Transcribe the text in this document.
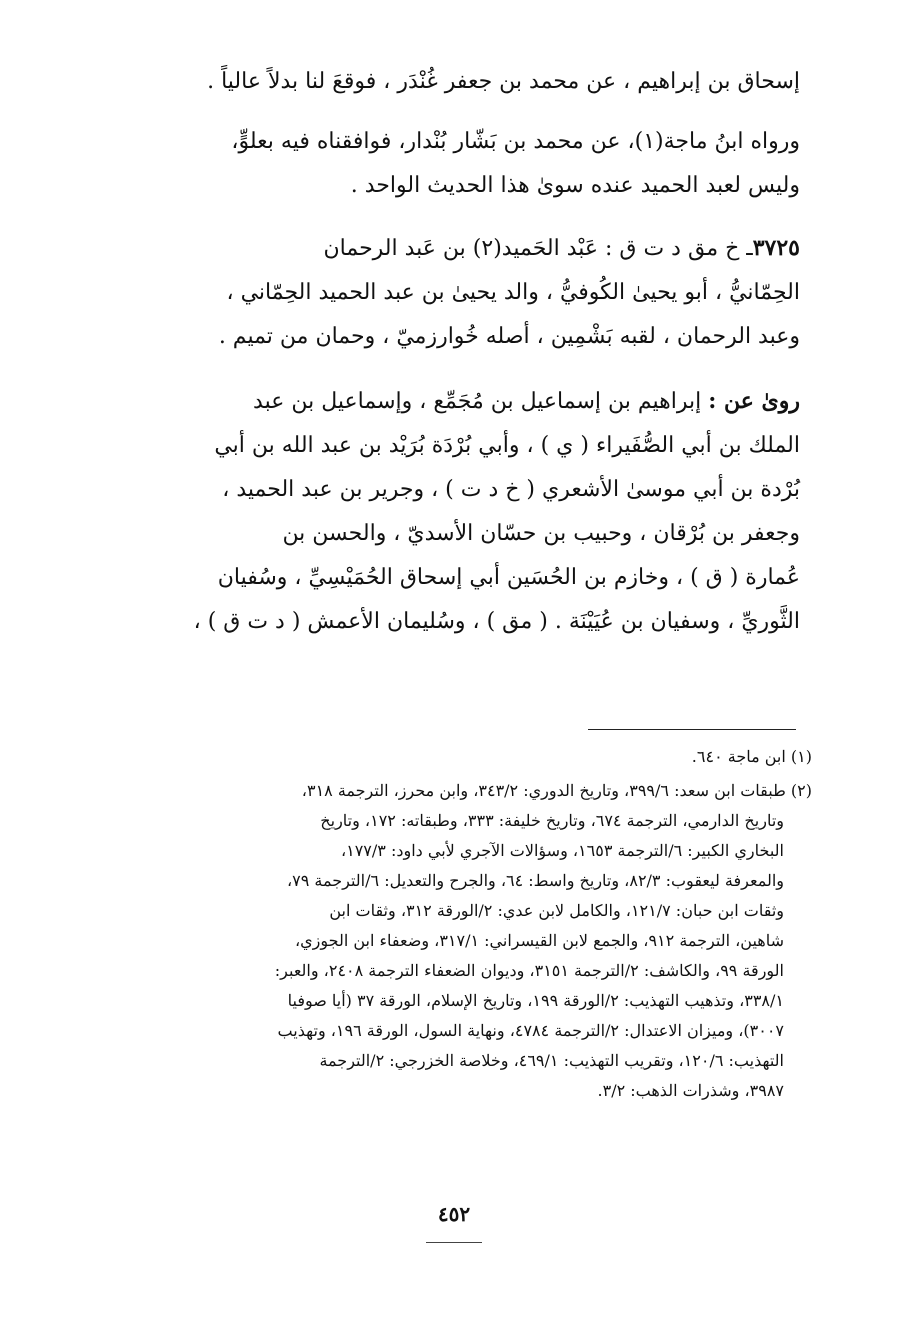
إسحاق بن إبراهيم ، عن محمد بن جعفر غُنْدَر ، فوقعَ لنا بدلاً عالياً .

ورواه ابنُ ماجة(١)، عن محمد بن بَشّار بُنْدار، فوافقناه فيه بعلوٍّ،
وليس لعبد الحميد عنده سوىٰ هذا الحديث الواحد .

٣٧٢٥ـ خ مق د ت ق : عَبْد الحَميد(٢) بن عَبد الرحمان
الحِمّانيُّ ، أبو يحيىٰ الكُوفيُّ ، والد يحيىٰ بن عبد الحميد الحِمّاني ،
وعبد الرحمان ، لقبه بَشْمِين ، أصله خُوارزميّ ، وحمان من تميم .

روىٰ عن : إبراهيم بن إسماعيل بن مُجَمِّع ، وإسماعيل بن عبد
الملك بن أبي الصُّفَيراء ( ي ) ، وأبي بُرْدَة بُرَيْد بن عبد الله بن أبي
بُرْدة بن أبي موسىٰ الأشعري ( خ د ت ) ، وجرير بن عبد الحميد ،
وجعفر بن بُرْقان ، وحبيب بن حسّان الأسديّ ، والحسن بن
عُمارة ( ق ) ، وخازم بن الحُسَين أبي إسحاق الحُمَيْسِيِّ ، وسُفيان
الثَّوريِّ ، وسفيان بن عُيَيْنَة . ( مق ) ، وسُليمان الأعمش ( د ت ق ) ،

(١) ابن ماجة ٦٤٠.
(٢) طبقات ابن سعد: ٣٩٩/٦، وتاريخ الدوري: ٣٤٣/٢، وابن محرز، الترجمة ٣١٨،
وتاريخ الدارمي، الترجمة ٦٧٤، وتاريخ خليفة: ٣٣٣، وطبقاته: ١٧٢، وتاريخ
البخاري الكبير: ٦/الترجمة ١٦٥٣، وسؤالات الآجري لأبي داود: ١٧٧/٣،
والمعرفة ليعقوب: ٨٢/٣، وتاريخ واسط: ٦٤، والجرح والتعديل: ٦/الترجمة ٧٩،
وثقات ابن حبان: ١٢١/٧، والكامل لابن عدي: ٢/الورقة ٣١٢، وثقات ابن
شاهين، الترجمة ٩١٢، والجمع لابن القيسراني: ٣١٧/١، وضعفاء ابن الجوزي،
الورقة ٩٩، والكاشف: ٢/الترجمة ٣١٥١، وديوان الضعفاء الترجمة ٢٤٠٨، والعبر:
٣٣٨/١، وتذهيب التهذيب: ٢/الورقة ١٩٩، وتاريخ الإسلام، الورقة ٣٧ (أيا صوفيا
٣٠٠٧)، وميزان الاعتدال: ٢/الترجمة ٤٧٨٤، ونهاية السول، الورقة ١٩٦، وتهذيب
التهذيب: ١٢٠/٦، وتقريب التهذيب: ٤٦٩/١، وخلاصة الخزرجي: ٢/الترجمة
٣٩٨٧، وشذرات الذهب: ٣/٢.
٤٥٢
